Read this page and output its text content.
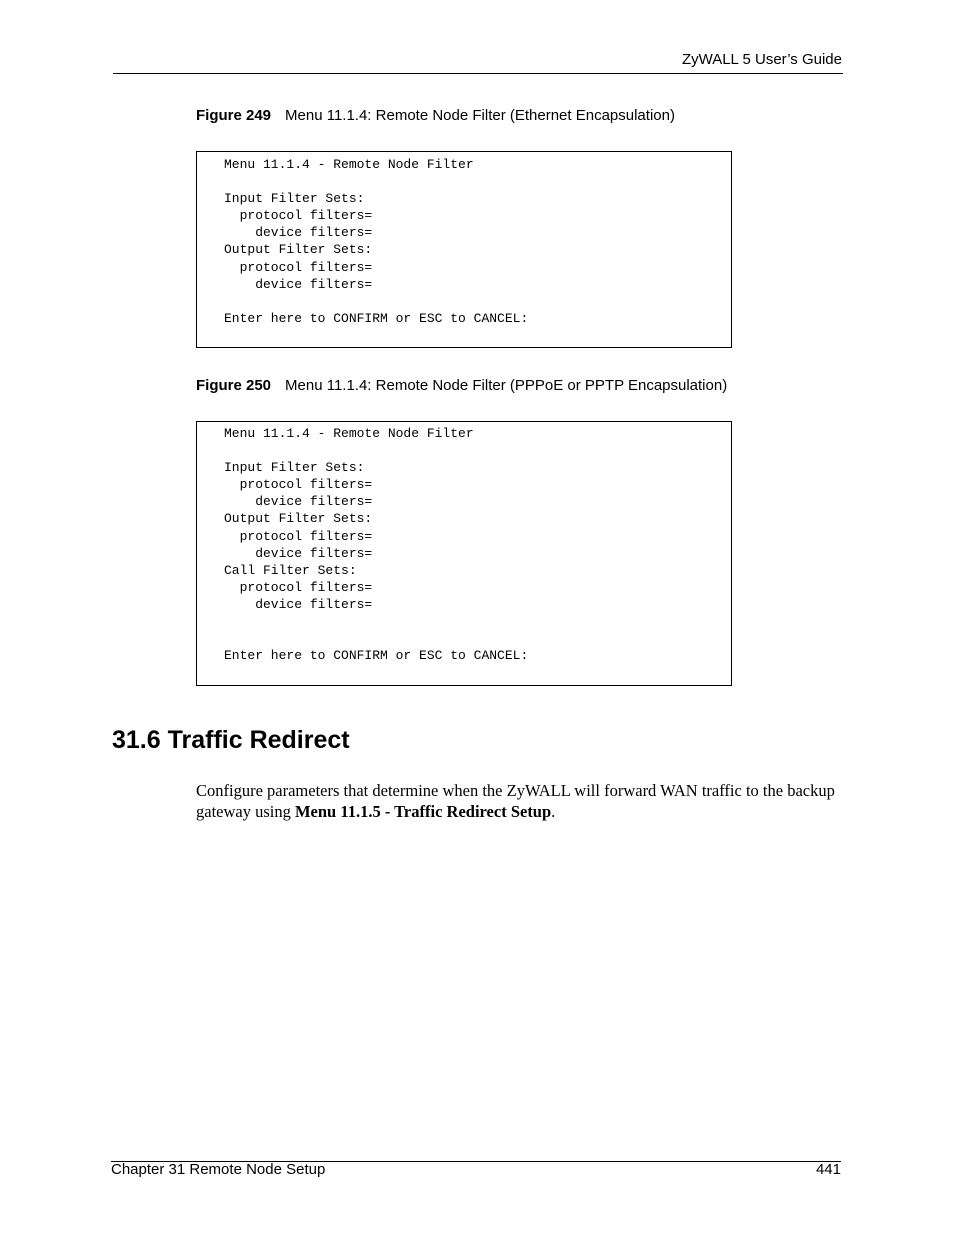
ZyWALL 5 User’s Guide
Figure 249 Menu 11.1.4: Remote Node Filter (Ethernet Encapsulation)
Menu 11.1.4 - Remote Node Filter

Input Filter Sets:
protocol filters=
device filters=
Output Filter Sets:
protocol filters=
device filters=

Enter here to CONFIRM or ESC to CANCEL:
Figure 250 Menu 11.1.4: Remote Node Filter (PPPoE or PPTP Encapsulation)
Menu 11.1.4 - Remote Node Filter

Input Filter Sets:
protocol filters=
device filters=
Output Filter Sets:
protocol filters=
device filters=
Call Filter Sets:
protocol filters=
device filters=

Enter here to CONFIRM or ESC to CANCEL:
31.6 Traffic Redirect

Configure parameters that determine when the ZyWALL will forward WAN traffic to the backup gateway using Menu 11.1.5 - Traffic Redirect Setup.

Chapter 31 Remote Node Setup	441
